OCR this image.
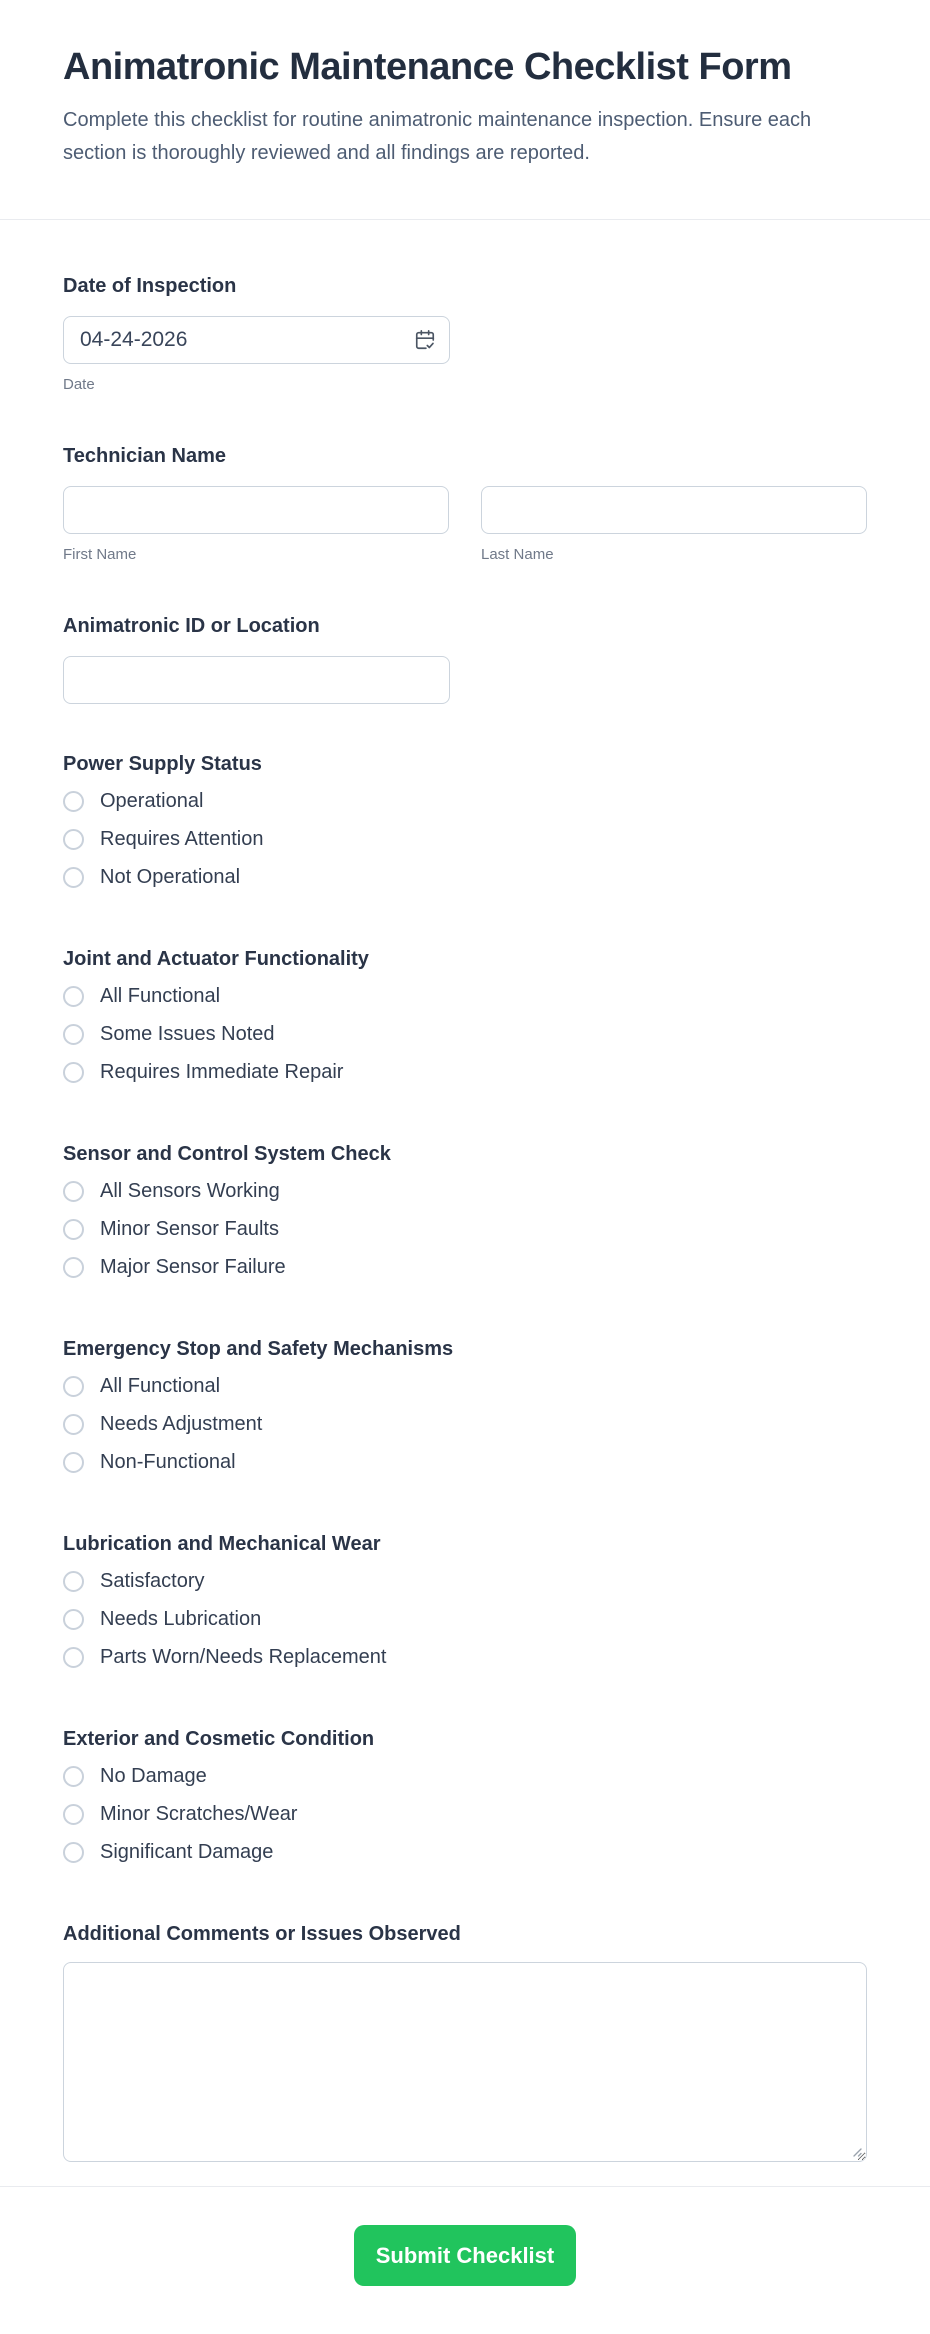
Animatronic Maintenance Checklist Form
Complete this checklist for routine animatronic maintenance inspection. Ensure each section is thoroughly reviewed and all findings are reported.
Date of Inspection
04-24-2026
Date
Technician Name
First Name	Last Name
Animatronic ID or Location
Power Supply Status
Operational
Requires Attention
Not Operational
Joint and Actuator Functionality
All Functional
Some Issues Noted
Requires Immediate Repair
Sensor and Control System Check
All Sensors Working
Minor Sensor Faults
Major Sensor Failure
Emergency Stop and Safety Mechanisms
All Functional
Needs Adjustment
Non-Functional
Lubrication and Mechanical Wear
Satisfactory
Needs Lubrication
Parts Worn/Needs Replacement
Exterior and Cosmetic Condition
No Damage
Minor Scratches/Wear
Significant Damage
Additional Comments or Issues Observed
Submit Checklist
